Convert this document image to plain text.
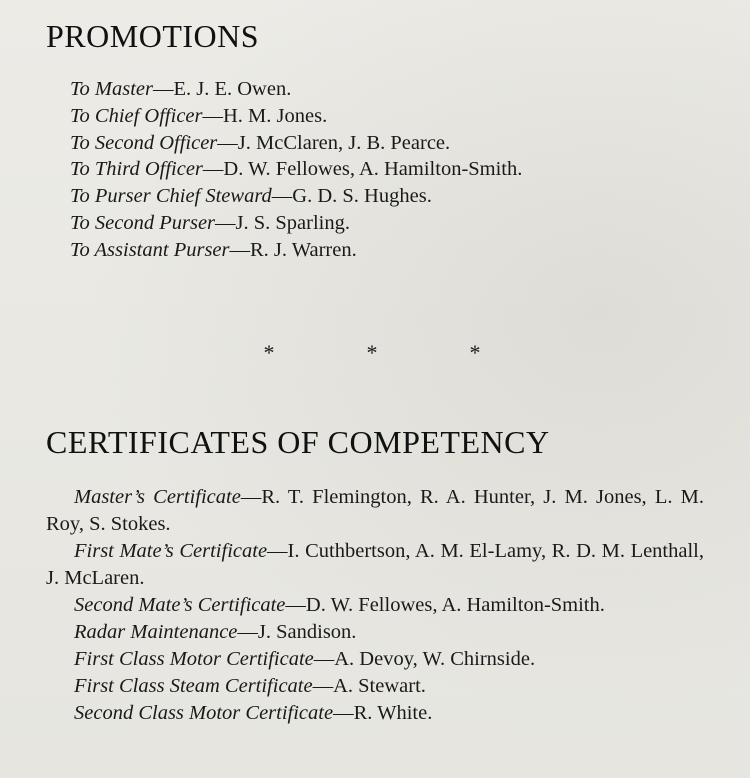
PROMOTIONS
To Master—E. J. E. Owen.
To Chief Officer—H. M. Jones.
To Second Officer—J. McClaren, J. B. Pearce.
To Third Officer—D. W. Fellowes, A. Hamilton-Smith.
To Purser Chief Steward—G. D. S. Hughes.
To Second Purser—J. S. Sparling.
To Assistant Purser—R. J. Warren.
*	*	*
CERTIFICATES OF COMPETENCY

Master’s Certificate—R. T. Flemington, R. A. Hunter, J. M. Jones, L. M. Roy, S. Stokes.

First Mate’s Certificate—I. Cuthbertson, A. M. El-Lamy, R. D. M. Lenthall, J. McLaren.

Second Mate’s Certificate—D. W. Fellowes, A. Hamilton-Smith.

Radar Maintenance—J. Sandison.

First Class Motor Certificate—A. Devoy, W. Chirnside.

First Class Steam Certificate—A. Stewart.

Second Class Motor Certificate—R. White.
